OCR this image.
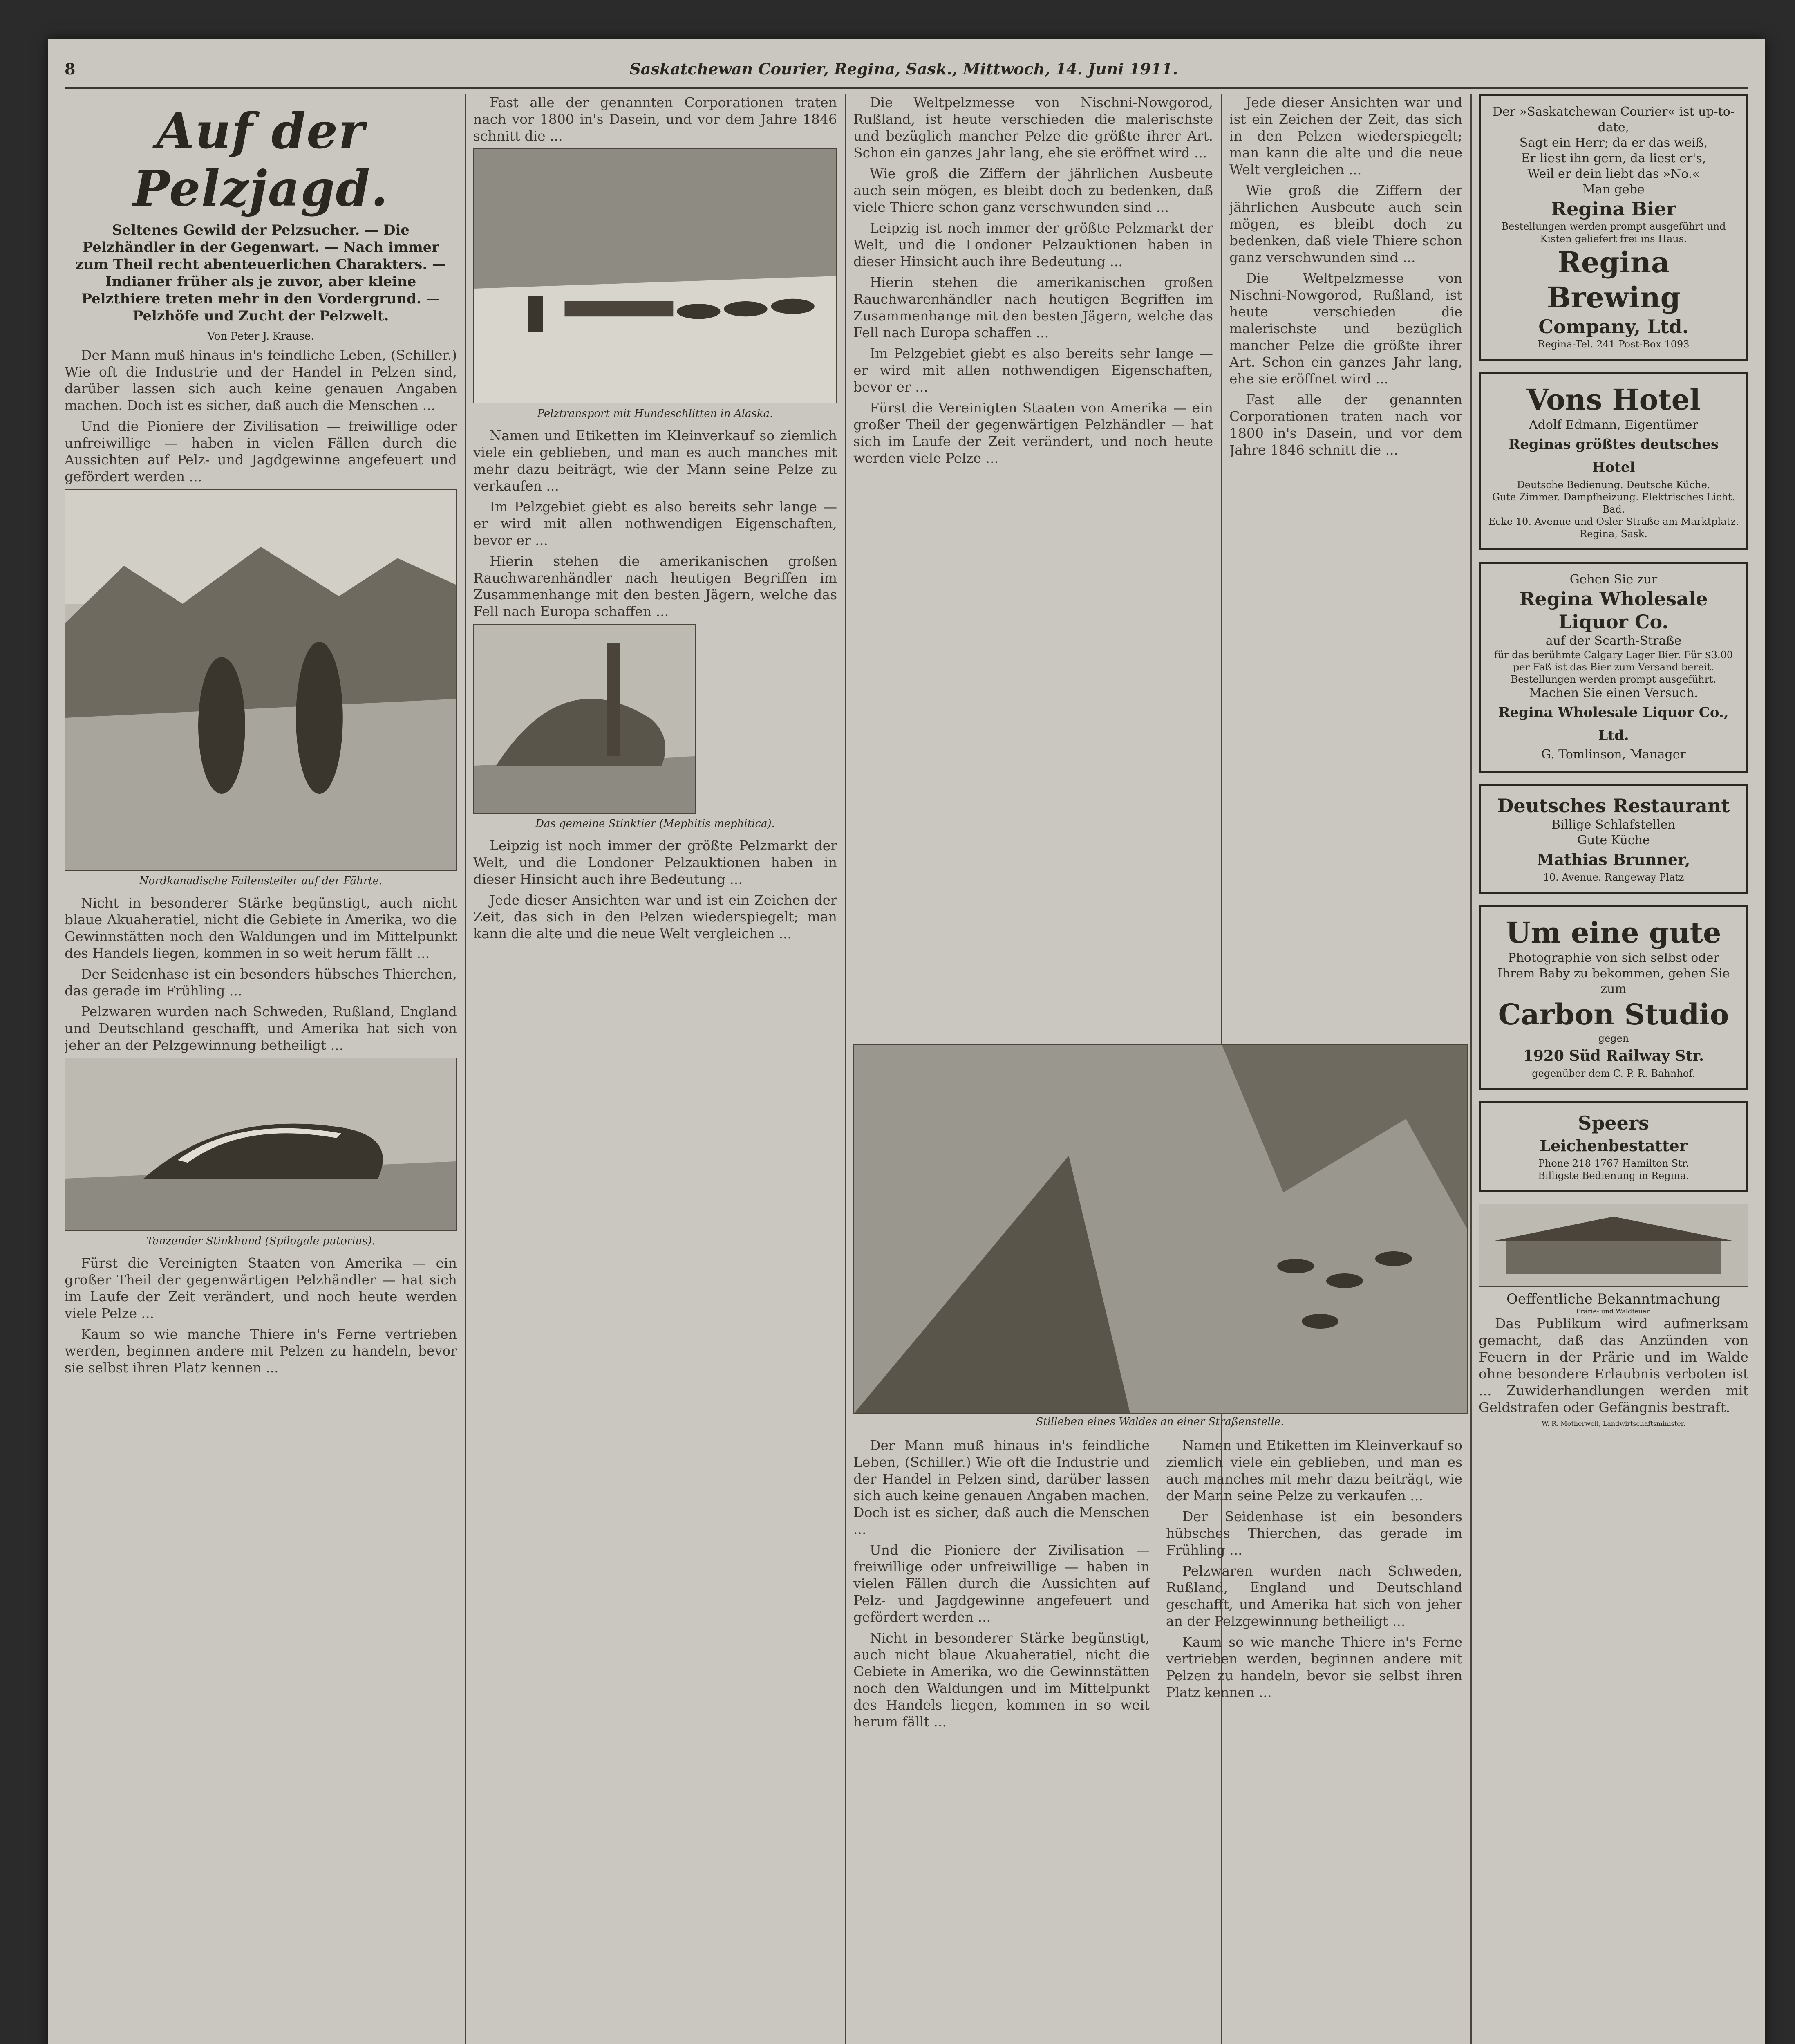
8	Saskatchewan Courier, Regina, Sask., Mittwoch, 14. Juni 1911.
Auf der Pelzjagd.
Seltenes Gewild der Pelzsucher. — Die Pelzhändler in der Gegenwart. — Nach immer zum Theil recht abenteuerlichen Charakters. — Indianer früher als je zuvor, aber kleine Pelzthiere treten mehr in den Vordergrund. — Pelzhöfe und Zucht der Pelzwelt.
Von Peter J. Krause.

Der Mann muß hinaus in's feindliche Leben, (Schiller.) Wie oft die Industrie und der Handel in Pelzen sind, darüber lassen sich auch keine genauen Angaben machen. Doch ist es sicher, daß auch die Menschen ...

Und die Pioniere der Zivilisation — freiwillige oder unfreiwillige — haben in vielen Fällen durch die Aussichten auf Pelz- und Jagdgewinne angefeuert und gefördert werden ...

Nordkanadische Fallensteller auf der Fährte.

Nicht in besonderer Stärke begünstigt, auch nicht blaue Akuaheratiel, nicht die Gebiete in Amerika, wo die Gewinnstätten noch den Waldungen und im Mittelpunkt des Handels liegen, kommen in so weit herum fällt ...

Der Seidenhase ist ein besonders hübsches Thierchen, das gerade im Frühling ...

Pelzwaren wurden nach Schweden, Rußland, England und Deutschland geschafft, und Amerika hat sich von jeher an der Pelzgewinnung betheiligt ...

Tanzender Stinkhund (Spilogale putorius).

Fürst die Vereinigten Staaten von Amerika — ein großer Theil der gegenwärtigen Pelzhändler — hat sich im Laufe der Zeit verändert, und noch heute werden viele Pelze ...

Kaum so wie manche Thiere in's Ferne vertrieben werden, beginnen andere mit Pelzen zu handeln, bevor sie selbst ihren Platz kennen ...

Fast alle der genannten Corporationen traten nach vor 1800 in's Dasein, und vor dem Jahre 1846 schnitt die ...

Pelztransport mit Hundeschlitten in Alaska.

Namen und Etiketten im Kleinverkauf so ziemlich viele ein geblieben, und man es auch manches mit mehr dazu beiträgt, wie der Mann seine Pelze zu verkaufen ...

Im Pelzgebiet giebt es also bereits sehr lange — er wird mit allen nothwendigen Eigenschaften, bevor er ...

Hierin stehen die amerikanischen großen Rauchwarenhändler nach heutigen Begriffen im Zusammenhange mit den besten Jägern, welche das Fell nach Europa schaffen ...

Das gemeine Stinktier (Mephitis mephitica).

Leipzig ist noch immer der größte Pelzmarkt der Welt, und die Londoner Pelzauktionen haben in dieser Hinsicht auch ihre Bedeutung ...

Jede dieser Ansichten war und ist ein Zeichen der Zeit, das sich in den Pelzen wiederspiegelt; man kann die alte und die neue Welt vergleichen ...

Die Weltpelzmesse von Nischni-Nowgorod, Rußland, ist heute verschieden die malerischste und bezüglich mancher Pelze die größte ihrer Art. Schon ein ganzes Jahr lang, ehe sie eröffnet wird ...

Wie groß die Ziffern der jährlichen Ausbeute auch sein mögen, es bleibt doch zu bedenken, daß viele Thiere schon ganz verschwunden sind ...

Leipzig ist noch immer der größte Pelzmarkt der Welt, und die Londoner Pelzauktionen haben in dieser Hinsicht auch ihre Bedeutung ...

Hierin stehen die amerikanischen großen Rauchwarenhändler nach heutigen Begriffen im Zusammenhange mit den besten Jägern, welche das Fell nach Europa schaffen ...

Im Pelzgebiet giebt es also bereits sehr lange — er wird mit allen nothwendigen Eigenschaften, bevor er ...

Fürst die Vereinigten Staaten von Amerika — ein großer Theil der gegenwärtigen Pelzhändler — hat sich im Laufe der Zeit verändert, und noch heute werden viele Pelze ...

Stilleben eines Waldes an einer Straßenstelle.

Jede dieser Ansichten war und ist ein Zeichen der Zeit, das sich in den Pelzen wiederspiegelt; man kann die alte und die neue Welt vergleichen ...

Wie groß die Ziffern der jährlichen Ausbeute auch sein mögen, es bleibt doch zu bedenken, daß viele Thiere schon ganz verschwunden sind ...

Die Weltpelzmesse von Nischni-Nowgorod, Rußland, ist heute verschieden die malerischste und bezüglich mancher Pelze die größte ihrer Art. Schon ein ganzes Jahr lang, ehe sie eröffnet wird ...

Fast alle der genannten Corporationen traten nach vor 1800 in's Dasein, und vor dem Jahre 1846 schnitt die ...

Der Mann muß hinaus in's feindliche Leben, (Schiller.) Wie oft die Industrie und der Handel in Pelzen sind, darüber lassen sich auch keine genauen Angaben machen. Doch ist es sicher, daß auch die Menschen ...

Und die Pioniere der Zivilisation — freiwillige oder unfreiwillige — haben in vielen Fällen durch die Aussichten auf Pelz- und Jagdgewinne angefeuert und gefördert werden ...

Nicht in besonderer Stärke begünstigt, auch nicht blaue Akuaheratiel, nicht die Gebiete in Amerika, wo die Gewinnstätten noch den Waldungen und im Mittelpunkt des Handels liegen, kommen in so weit herum fällt ...

Namen und Etiketten im Kleinverkauf so ziemlich viele ein geblieben, und man es auch manches mit mehr dazu beiträgt, wie der Mann seine Pelze zu verkaufen ...

Der Seidenhase ist ein besonders hübsches Thierchen, das gerade im Frühling ...

Pelzwaren wurden nach Schweden, Rußland, England und Deutschland geschafft, und Amerika hat sich von jeher an der Pelzgewinnung betheiligt ...

Kaum so wie manche Thiere in's Ferne vertrieben werden, beginnen andere mit Pelzen zu handeln, bevor sie selbst ihren Platz kennen ...

Der »Saskatchewan Courier« ist up-to-date,
Sagt ein Herr; da er das weiß,
Er liest ihn gern, da liest er's,
Weil er dein liebt das »No.«
Man gebe
Regina Bier
Bestellungen werden prompt ausgeführt und Kisten geliefert frei ins Haus.
Regina Brewing
Company, Ltd.
Regina-Tel. 241 Post-Box 1093
Vons Hotel
Adolf Edmann, Eigentümer
Reginas größtes deutsches Hotel
Deutsche Bedienung. Deutsche Küche.
Gute Zimmer. Dampfheizung. Elektrisches Licht. Bad.
Ecke 10. Avenue und Osler Straße am Marktplatz. Regina, Sask.
Gehen Sie zur
Regina Wholesale Liquor Co.
auf der Scarth-Straße
für das berühmte Calgary Lager Bier. Für $3.00 per Faß ist das Bier zum Versand bereit. Bestellungen werden prompt ausgeführt.
Machen Sie einen Versuch.
Regina Wholesale Liquor Co., Ltd.
G. Tomlinson, Manager
Deutsches Restaurant
Billige Schlafstellen
Gute Küche
Mathias Brunner,
10. Avenue. Rangeway Platz
Um eine gute
Photographie von sich selbst oder Ihrem Baby zu bekommen, gehen Sie zum
Carbon Studio
gegen
1920 Süd Railway Str.
gegenüber dem C. P. R. Bahnhof.
Speers
Leichenbestatter
Phone 218 1767 Hamilton Str.
Billigste Bedienung in Regina.
Oeffentliche Bekanntmachung
Prärie- und Waldfeuer.

Das Publikum wird aufmerksam gemacht, daß das Anzünden von Feuern in der Prärie und im Walde ohne besondere Erlaubnis verboten ist ... Zuwiderhandlungen werden mit Geldstrafen oder Gefängnis bestraft.

W. R. Motherwell, Landwirtschaftsminister.
